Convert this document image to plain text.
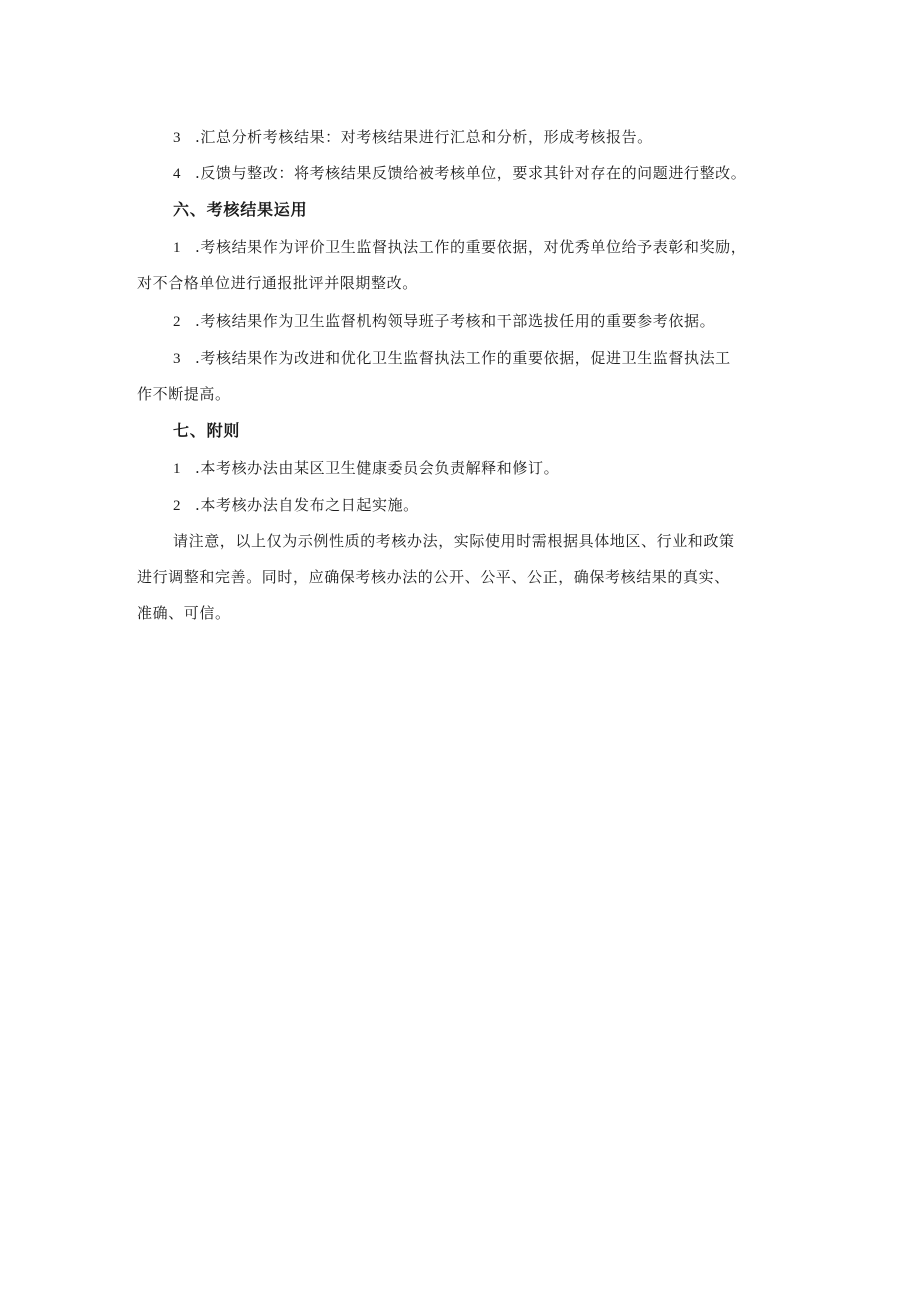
3 .汇总分析考核结果：对考核结果进行汇总和分析，形成考核报告。
4 .反馈与整改：将考核结果反馈给被考核单位，要求其针对存在的问题进行整改。
六、考核结果运用
1 .考核结果作为评价卫生监督执法工作的重要依据，对优秀单位给予表彰和奖励，
对不合格单位进行通报批评并限期整改。
2 .考核结果作为卫生监督机构领导班子考核和干部选拔任用的重要参考依据。
3 .考核结果作为改进和优化卫生监督执法工作的重要依据，促进卫生监督执法工
作不断提高。
七、附则
1 .本考核办法由某区卫生健康委员会负责解释和修订。
2 .本考核办法自发布之日起实施。
请注意，以上仅为示例性质的考核办法，实际使用时需根据具体地区、行业和政策
进行调整和完善。同时，应确保考核办法的公开、公平、公正，确保考核结果的真实、
准确、可信。
